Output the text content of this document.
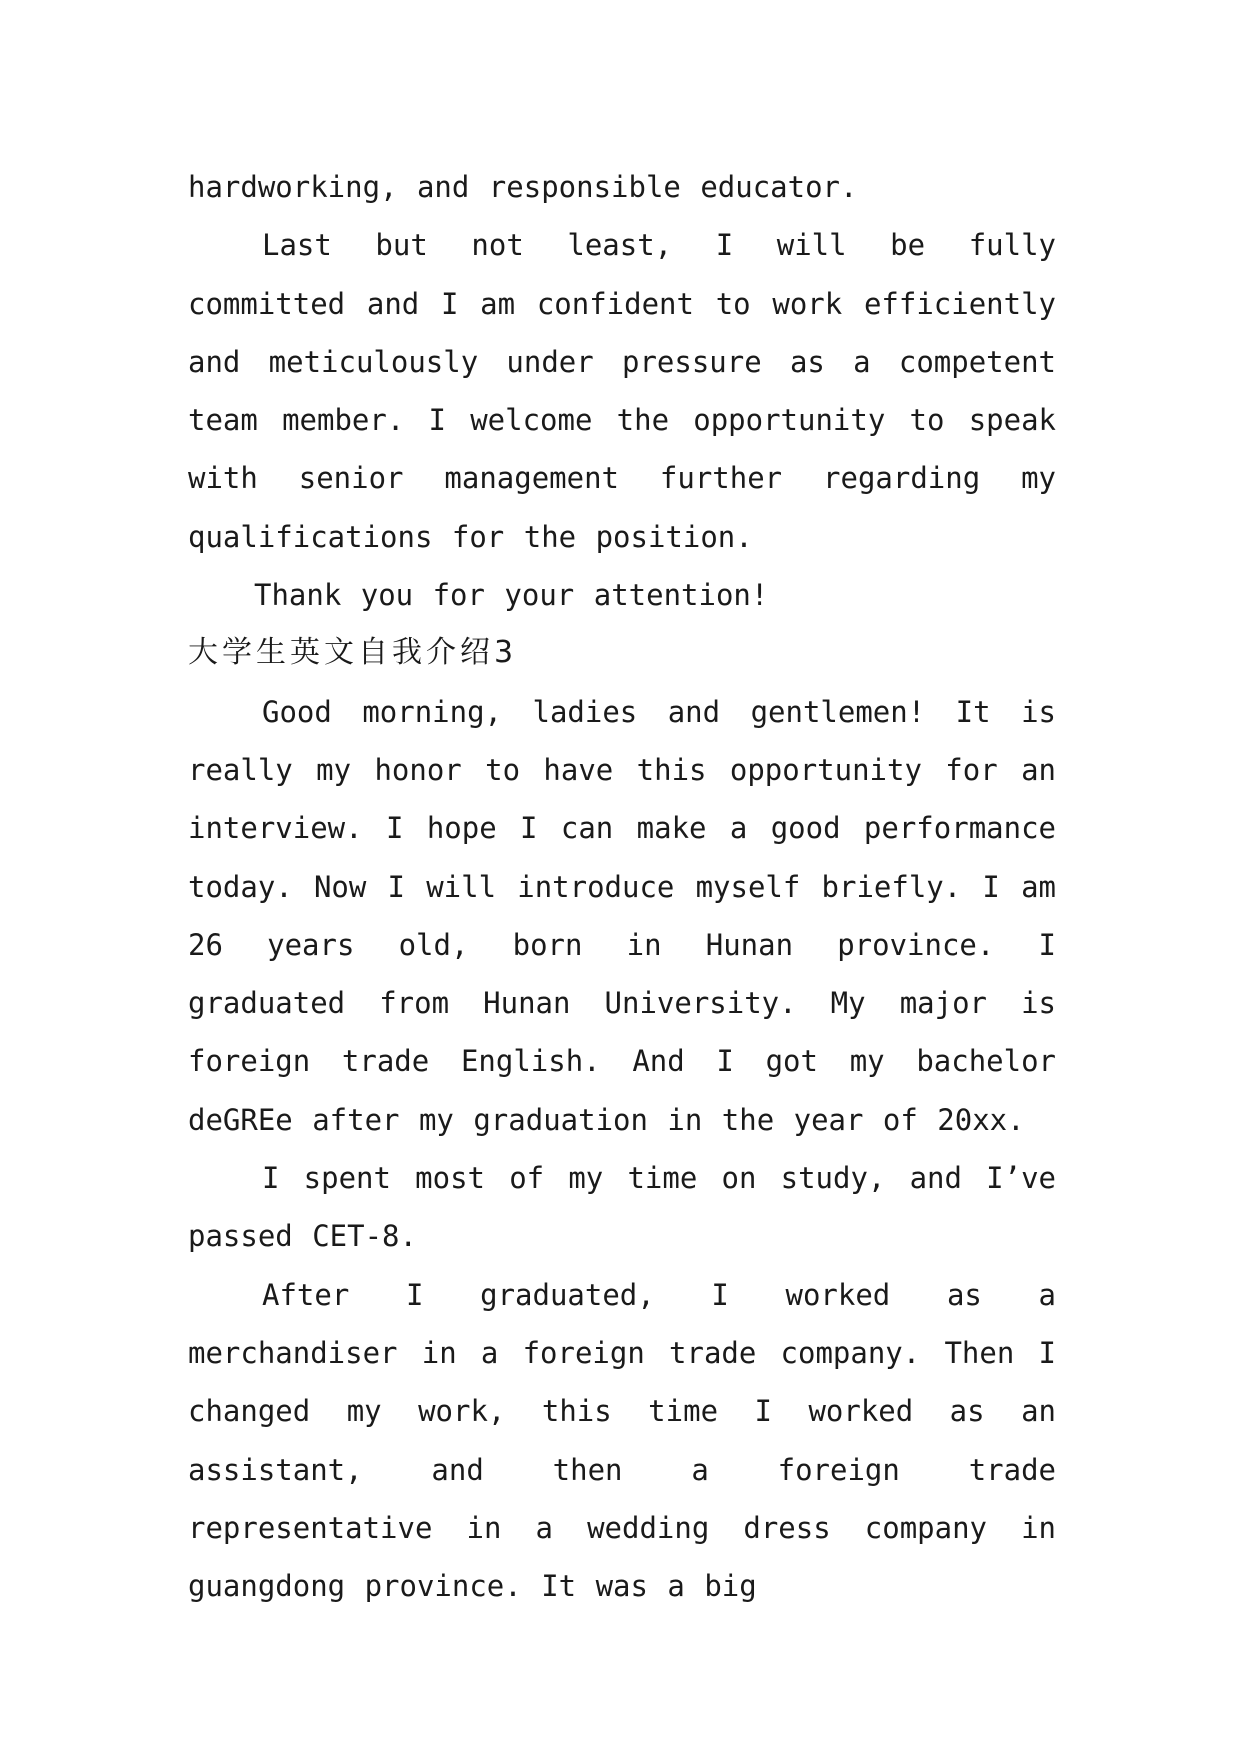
hardworking, and responsible educator.

Last but not least, I will be fully committed and I am confident to work efficiently and meticulously under pressure as a competent team member. I welcome the opportunity to speak with senior management further regarding my qualifications for the position.

Thank you for your attention!

大学生英文自我介绍3

Good morning, ladies and gentlemen! It is really my honor to have this opportunity for an interview. I hope I can make a good performance today. Now I will introduce myself briefly. I am 26 years old, born in Hunan province. I graduated from Hunan University. My major is foreign trade English. And I got my bachelor deGREe after my graduation in the year of 20xx.

I spent most of my time on study, and I’ve passed CET-8.

After I graduated, I worked as a merchandiser in a foreign trade company. Then I changed my work, this time I worked as an assistant, and then a foreign trade representative in a wedding dress company in guangdong province. It was a big
